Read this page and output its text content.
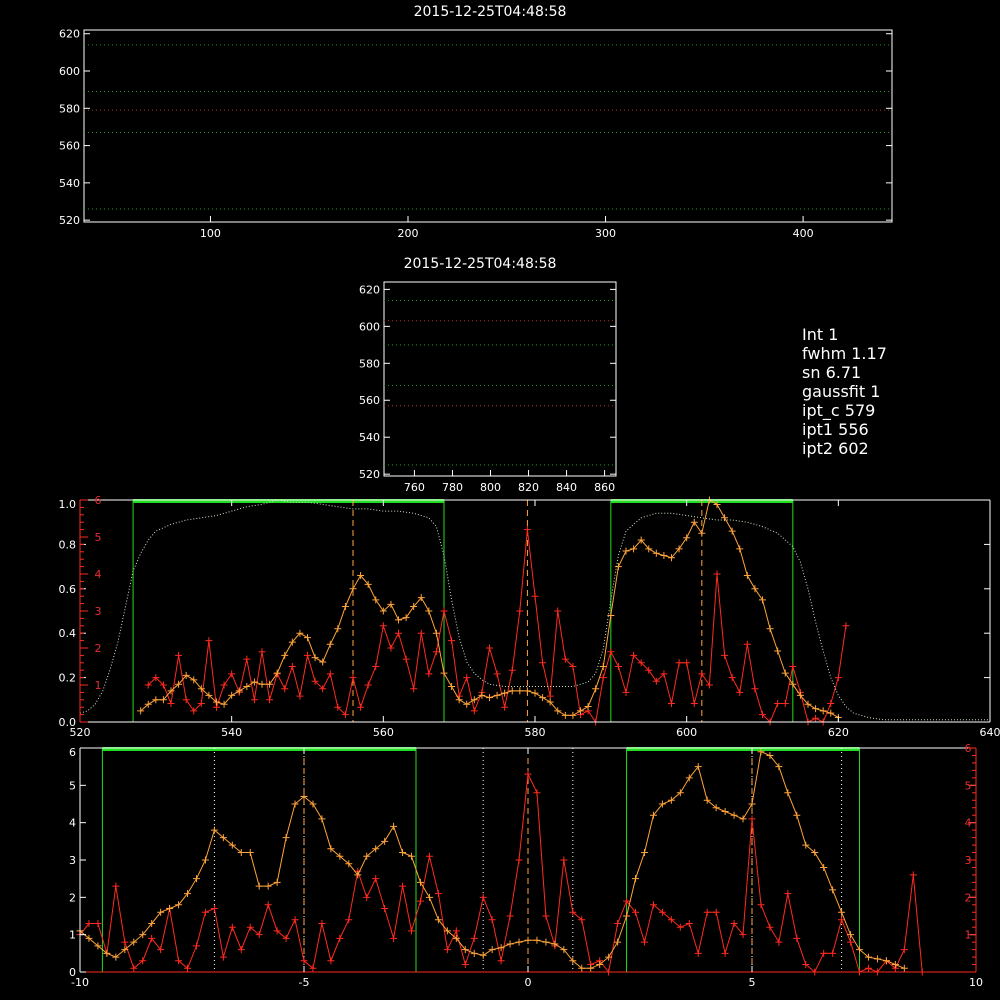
2015-12-25T04:48:58
2015-12-25T04:48:58
Int 1
fwhm 1.17
sn 6.71
gaussfit 1
ipt_c 579
ipt1 556
ipt2 602
100	200	300	400
520
540
560
580
600
620
760 780 800 820 840 860
520
540
560
580
600
620
520	540	560	580	600	620	640
0.0
0.2
0.4
0.6
0.8
1.0
1
2
3
4
5
6
-10	-5	0	5	10
0
1
2
3
4
5
6
1
2
3
4
5
6
